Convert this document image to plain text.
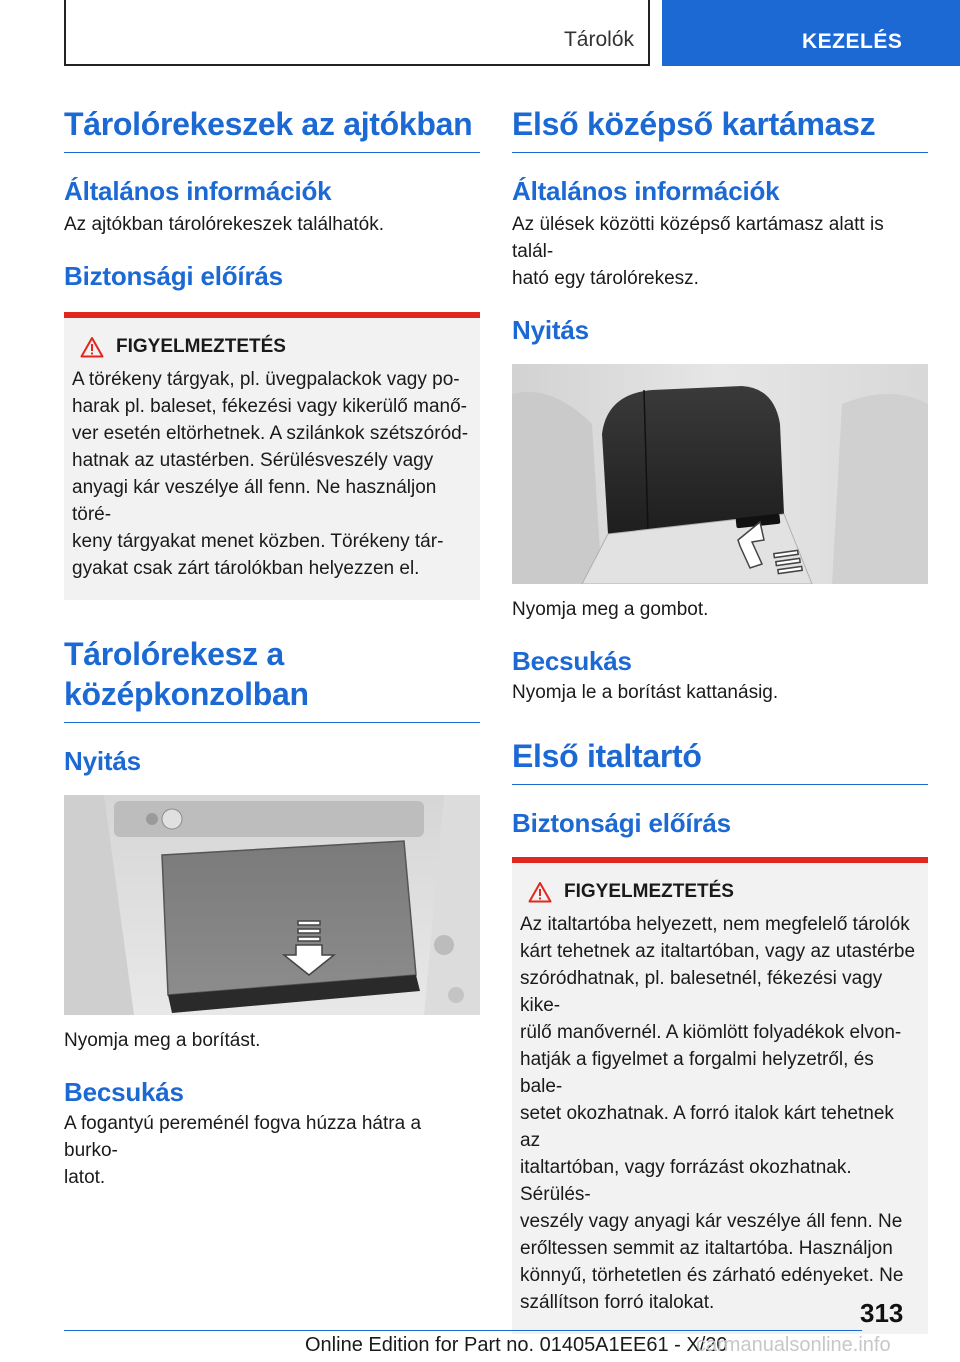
Tárolók	KEZELÉS
Tárolórekeszek az ajtókban
Általános információk
Az ajtókban tárolórekeszek találhatók.
Biztonsági előírás
FIGYELMEZTETÉS
A törékeny tárgyak, pl. üvegpalackok vagy po-
harak pl. baleset, fékezési vagy kikerülő manő-
ver esetén eltörhetnek. A szilánkok szétszóród-
hatnak az utastérben. Sérülésveszély vagy
anyagi kár veszélye áll fenn. Ne használjon töré-
keny tárgyakat menet közben. Törékeny tár-
gyakat csak zárt tárolókban helyezzen el.
Tárolórekesz a
középkonzolban
Nyitás
Nyomja meg a borítást.
Becsukás
A fogantyú pereménél fogva húzza hátra a burko-
latot.
Első középső kartámasz
Általános információk
Az ülések közötti középső kartámasz alatt is talál-
ható egy tárolórekesz.
Nyitás
Nyomja meg a gombot.
Becsukás
Nyomja le a borítást kattanásig.
Első italtartó
Biztonsági előírás
FIGYELMEZTETÉS
Az italtartóba helyezett, nem megfelelő tárolók
kárt tehetnek az italtartóban, vagy az utastérbe
szóródhatnak, pl. balesetnél, fékezési vagy kike-
rülő manővernél. A kiömlött folyadékok elvon-
hatják a figyelmet a forgalmi helyzetről, és bale-
setet okozhatnak. A forró italok kárt tehetnek az
italtartóban, vagy forrázást okozhatnak. Sérülés-
veszély vagy anyagi kár veszélye áll fenn. Ne
erőltessen semmit az italtartóba. Használjon
könnyű, törhetetlen és zárható edényeket. Ne
szállítson forró italokat.	313
Online Edition for Part no. 01405A1EE61 - X/20
carmanualsonline.info
